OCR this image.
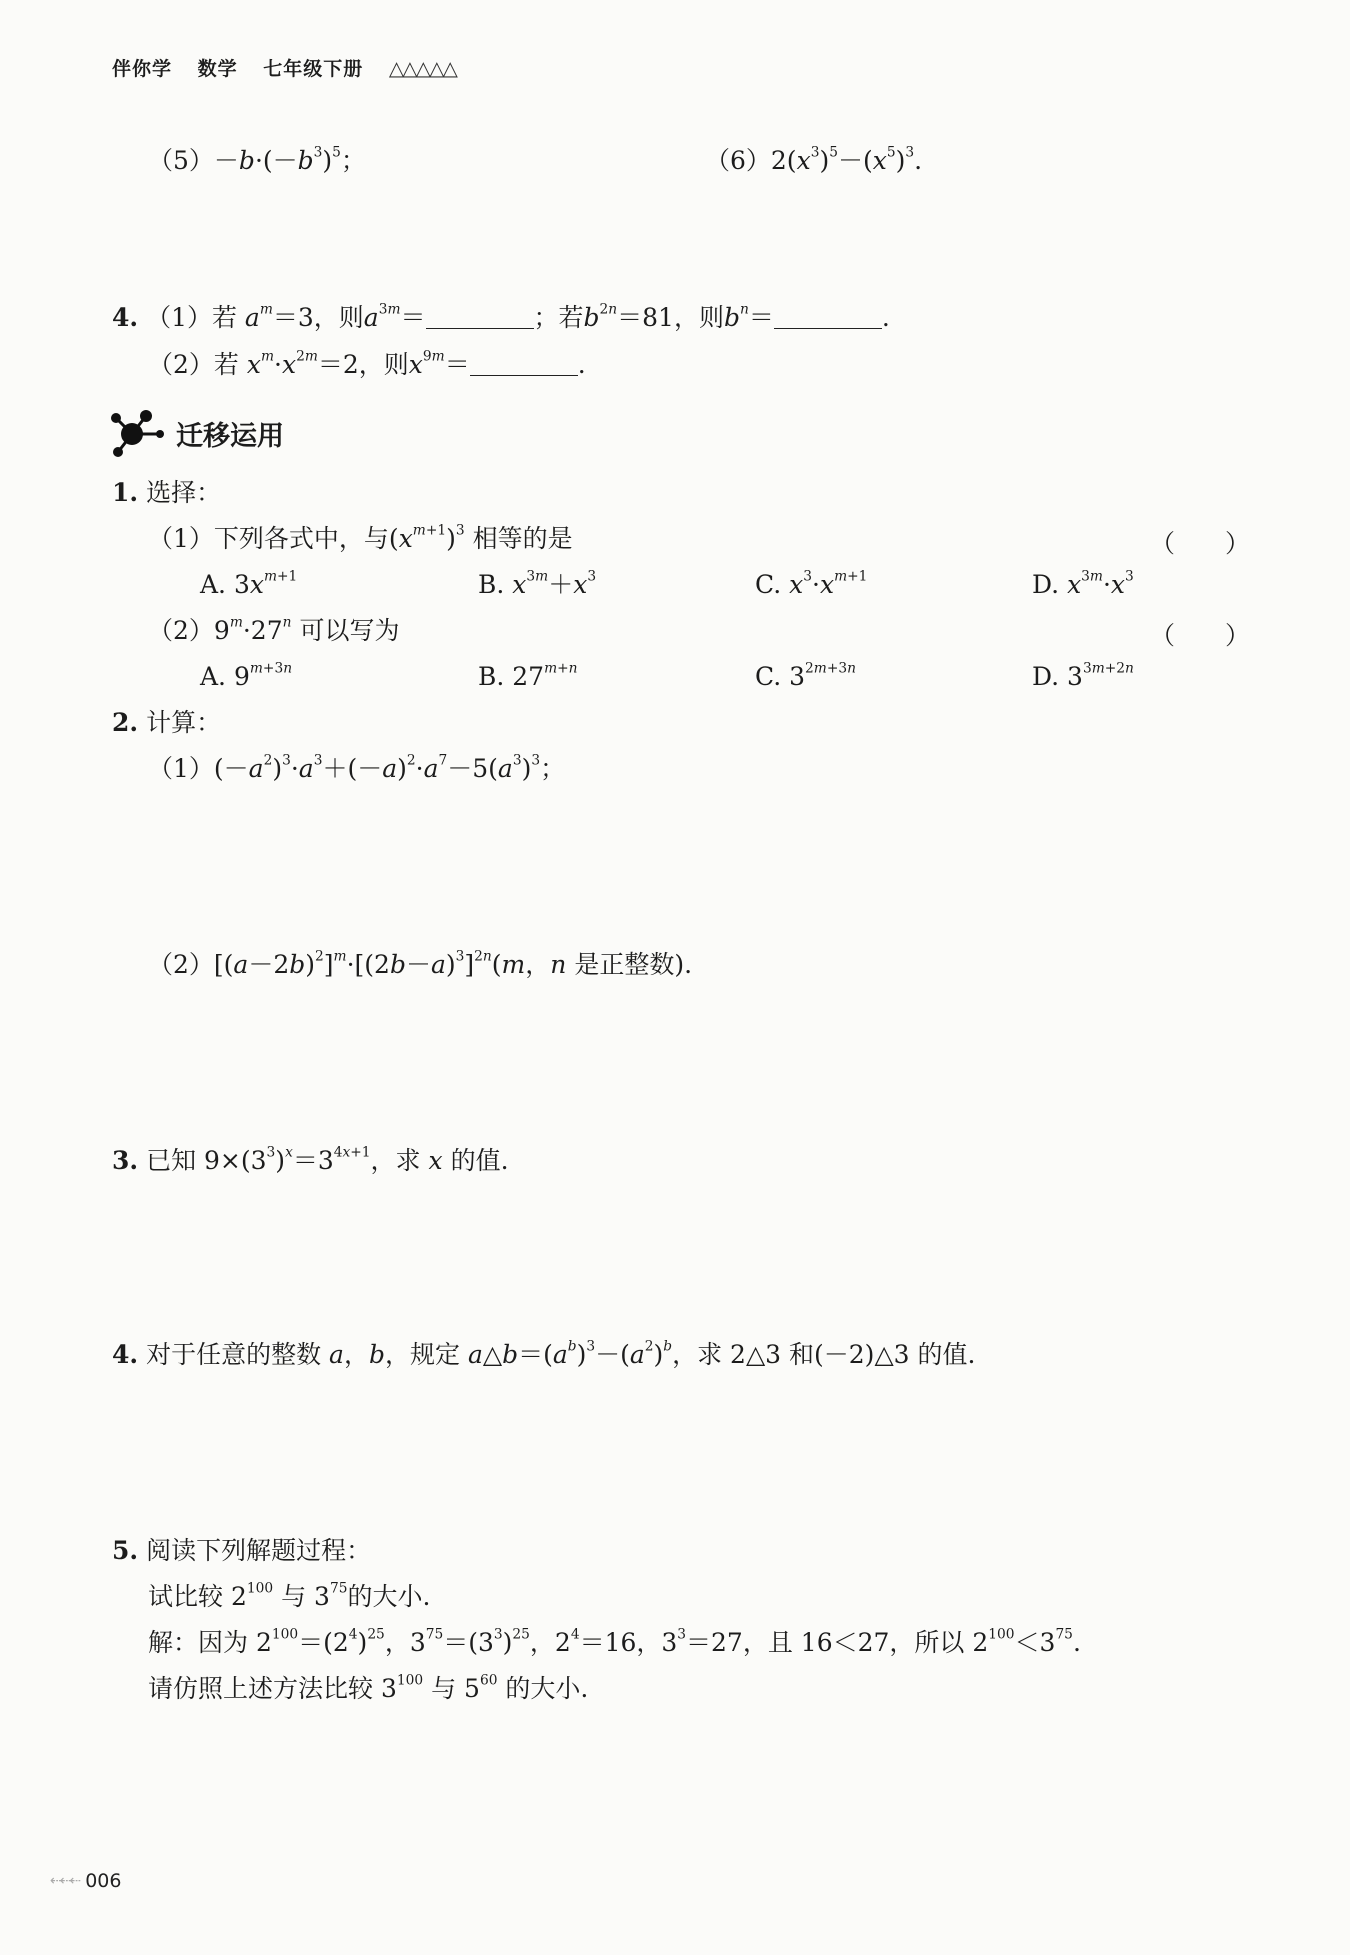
伴你学 数学 七年级下册 △△△△△
$(5)-b\cdot(-b^3)^5$；	$(6)2(x^3)^5-(x^5)^3$.
4. （1）若 $a^m=3$，则$a^{3m}=$	；若$b^{2n}=81$，则$b^n=$	.
（2）若 $x^m\cdot x^{2m}=2$，则$x^{9m}=$	.
迁移运用
1. 选择：
（1）下列各式中，与$(x^{m+1})^3$ 相等的是	（　　）
A. $3x^{m+1}$	B. $x^{3m}+x^3$	C. $x^3\cdot x^{m+1}$	D. $x^{3m}\cdot x^3$
$(2)9^m\cdot 27^n$ 可以写为	（　　）
A. $9^{m+3n}$	B. $27^{m+n}$	C. $3^{2m+3n}$	D. $3^{3m+2n}$
2. 计算：
$(1)(-a^2)^3\cdot a^3+(-a)^2\cdot a^7-5(a^3)^3$；
$(2)[(a-2b)^2]^m\cdot[(2b-a)^3]^{2n}(m$，n 是正整数).
3. 已知 $9\times(3^3)^x=3^{4x+1}$，求 x 的值.
4. 对于任意的整数 a，b，规定 $a\triangle b=(a^b)^3-(a^2)^b$，求 2△3 和(－2)△3 的值.
5. 阅读下列解题过程：
试比较 $2^{100}$ 与 $3^{75}$的大小.
解：因为 $2^{100}=(2^4)^{25}$，$3^{75}=(3^3)^{25}$，$2^4=16$，$3^3=27$，且 16＜27，所以 $2^{100}<3^{75}$.
请仿照上述方法比较 $3^{100}$ 与 $5^{60}$ 的大小.
⇠⇠⇠ 006
